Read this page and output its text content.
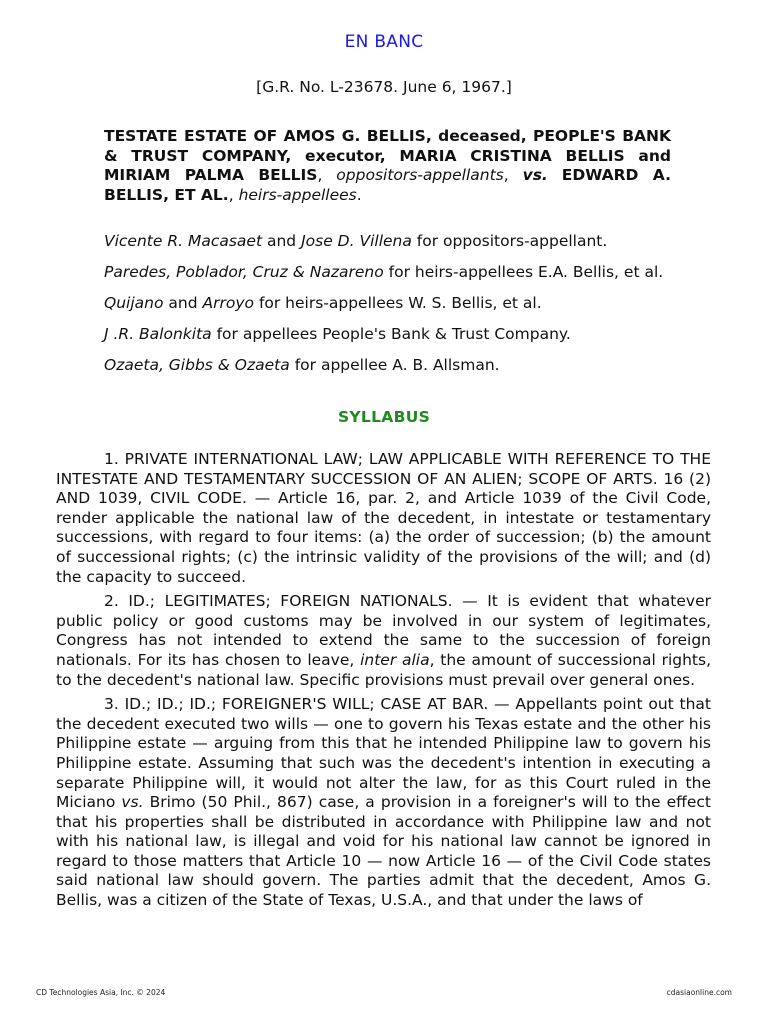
EN BANC
[G.R. No. L-23678. June 6, 1967.]
TESTATE ESTATE OF AMOS G. BELLIS, deceased, PEOPLE'S BANK & TRUST COMPANY, executor, MARIA CRISTINA BELLIS and MIRIAM PALMA BELLIS, oppositors-appellants, vs. EDWARD A. BELLIS, ET AL., heirs-appellees.

Vicente R. Macasaet and Jose D. Villena for oppositors-appellant.

Paredes, Poblador, Cruz & Nazareno for heirs-appellees E.A. Bellis, et al.

Quijano and Arroyo for heirs-appellees W. S. Bellis, et al.

J .R. Balonkita for appellees People's Bank & Trust Company.

Ozaeta, Gibbs & Ozaeta for appellee A. B. Allsman.

SYLLABUS

1. PRIVATE INTERNATIONAL LAW; LAW APPLICABLE WITH REFERENCE TO THE INTESTATE AND TESTAMENTARY SUCCESSION OF AN ALIEN; SCOPE OF ARTS. 16 (2) AND 1039, CIVIL CODE. — Article 16, par. 2, and Article 1039 of the Civil Code, render applicable the national law of the decedent, in intestate or testamentary successions, with regard to four items: (a) the order of succession; (b) the amount of successional rights; (c) the intrinsic validity of the provisions of the will; and (d) the capacity to succeed.

2. ID.; LEGITIMATES; FOREIGN NATIONALS. — It is evident that whatever public policy or good customs may be involved in our system of legitimates, Congress has not intended to extend the same to the succession of foreign nationals. For its has chosen to leave, inter alia, the amount of successional rights, to the decedent's national law. Specific provisions must prevail over general ones.

3. ID.; ID.; ID.; FOREIGNER'S WILL; CASE AT BAR. — Appellants point out that the decedent executed two wills — one to govern his Texas estate and the other his Philippine estate — arguing from this that he intended Philippine law to govern his Philippine estate. Assuming that such was the decedent's intention in executing a separate Philippine will, it would not alter the law, for as this Court ruled in the Miciano vs. Brimo (50 Phil., 867) case, a provision in a foreigner's will to the effect that his properties shall be distributed in accordance with Philippine law and not with his national law, is illegal and void for his national law cannot be ignored in regard to those matters that Article 10 — now Article 16 — of the Civil Code states said national law should govern. The parties admit that the decedent, Amos G. Bellis, was a citizen of the State of Texas, U.S.A., and that under the laws of

CD Technologies Asia, Inc. © 2024	cdasiaonline.com
